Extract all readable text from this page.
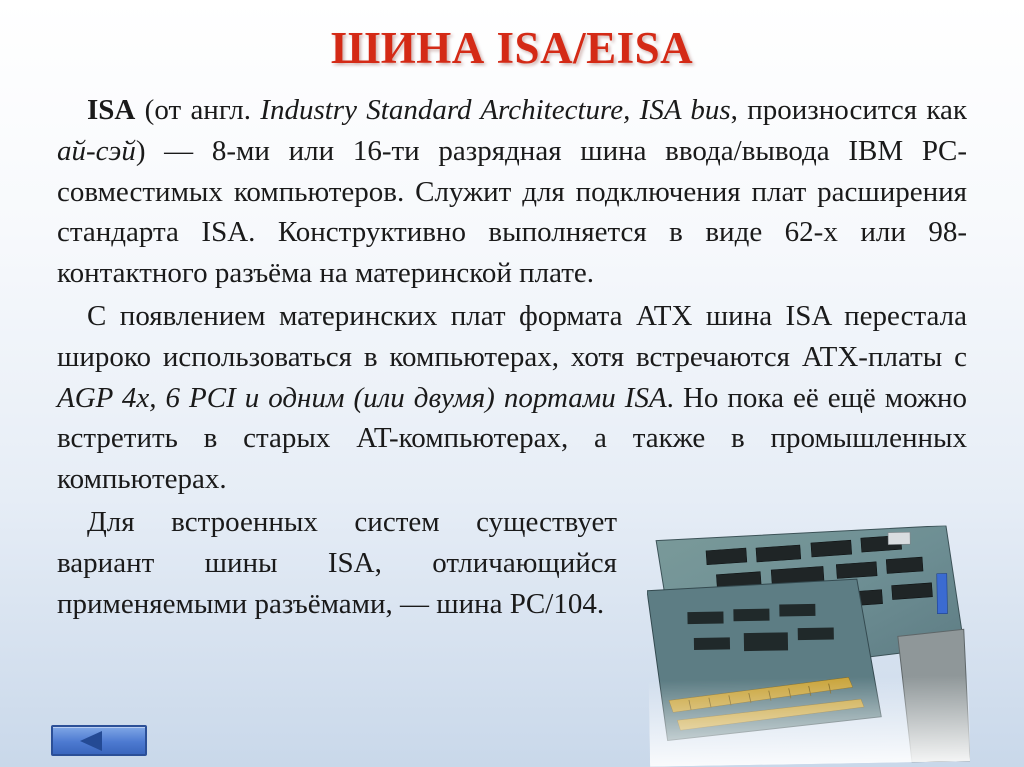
ШИНА ISA/EISA

ISA (от англ. Industry Standard Architecture, ISA bus, произносится как ай-сэй) — 8-ми или 16-ти разрядная шина ввода/вывода IBM PC-совместимых компьютеров. Служит для подключения плат расширения стандарта ISA. Конструктивно выполняется в виде 62-х или 98-контактного разъёма на материнской плате.

С появлением материнских плат формата ATX шина ISA перестала широко использоваться в компьютерах, хотя встречаются ATX-платы с AGP 4x, 6 PCI и одним (или двумя) портами ISA. Но пока её ещё можно встретить в старых AT-компьютерах, а также в промышленных компьютерах.

Для встроенных систем существует вариант шины ISA, отличающийся применяемыми разъёмами, — шина PC/104.
